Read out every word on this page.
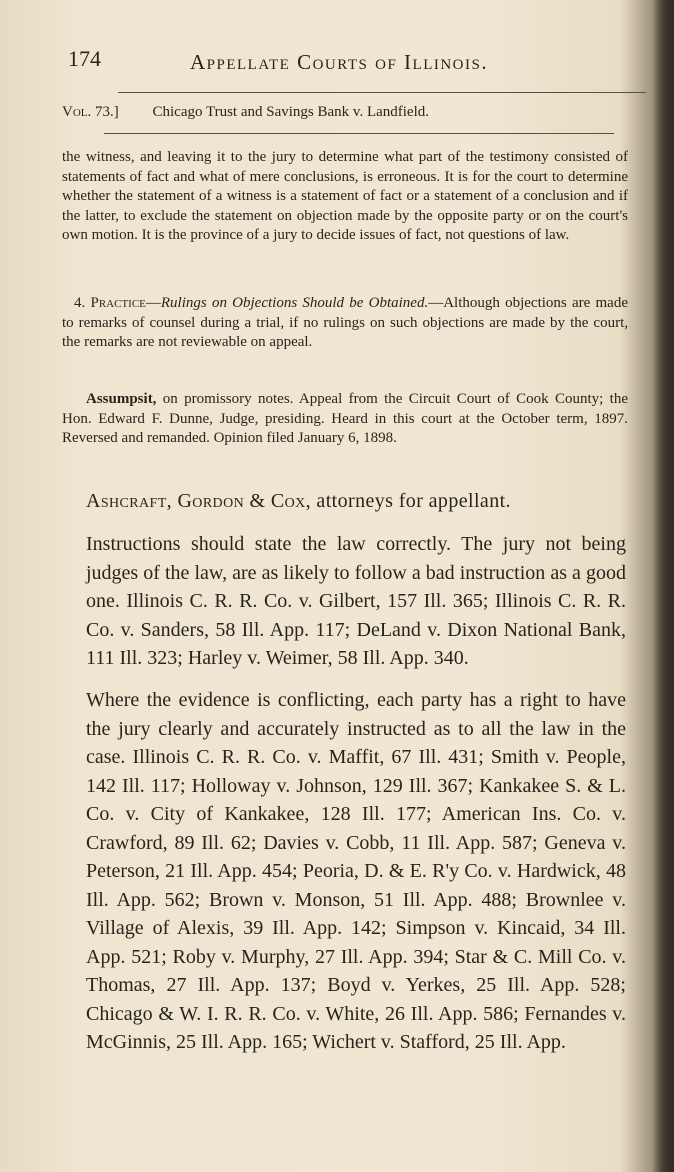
174	Appellate Courts of Illinois.
Vol. 73.] Chicago Trust and Savings Bank v. Landfield.
the witness, and leaving it to the jury to determine what part of the testimony consisted of statements of fact and what of mere conclusions, is erroneous. It is for the court to determine whether the statement of a witness is a statement of fact or a statement of a conclusion and if the latter, to exclude the statement on objection made by the opposite party or on the court's own motion. It is the province of a jury to decide issues of fact, not questions of law.
4. Practice—Rulings on Objections Should be Obtained.—Although objections are made to remarks of counsel during a trial, if no rulings on such objections are made by the court, the remarks are not reviewable on appeal.
Assumpsit, on promissory notes. Appeal from the Circuit Court of Cook County; the Hon. Edward F. Dunne, Judge, presiding. Heard in this court at the October term, 1897. Reversed and remanded. Opinion filed January 6, 1898.
Ashcraft, Gordon & Cox, attorneys for appellant.
Instructions should state the law correctly. The jury not being judges of the law, are as likely to follow a bad instruction as a good one. Illinois C. R. R. Co. v. Gilbert, 157 Ill. 365; Illinois C. R. R. Co. v. Sanders, 58 Ill. App. 117; DeLand v. Dixon National Bank, 111 Ill. 323; Harley v. Weimer, 58 Ill. App. 340.
Where the evidence is conflicting, each party has a right to have the jury clearly and accurately instructed as to all the law in the case. Illinois C. R. R. Co. v. Maffit, 67 Ill. 431; Smith v. People, 142 Ill. 117; Holloway v. Johnson, 129 Ill. 367; Kankakee S. & L. Co. v. City of Kankakee, 128 Ill. 177; American Ins. Co. v. Crawford, 89 Ill. 62; Davies v. Cobb, 11 Ill. App. 587; Geneva v. Peterson, 21 Ill. App. 454; Peoria, D. & E. R'y Co. v. Hardwick, 48 Ill. App. 562; Brown v. Monson, 51 Ill. App. 488; Brownlee v. Village of Alexis, 39 Ill. App. 142; Simpson v. Kincaid, 34 Ill. App. 521; Roby v. Murphy, 27 Ill. App. 394; Star & C. Mill Co. v. Thomas, 27 Ill. App. 137; Boyd v. Yerkes, 25 Ill. App. 528; Chicago & W. I. R. R. Co. v. White, 26 Ill. App. 586; Fernandes v. McGinnis, 25 Ill. App. 165; Wichert v. Stafford, 25 Ill. App.
